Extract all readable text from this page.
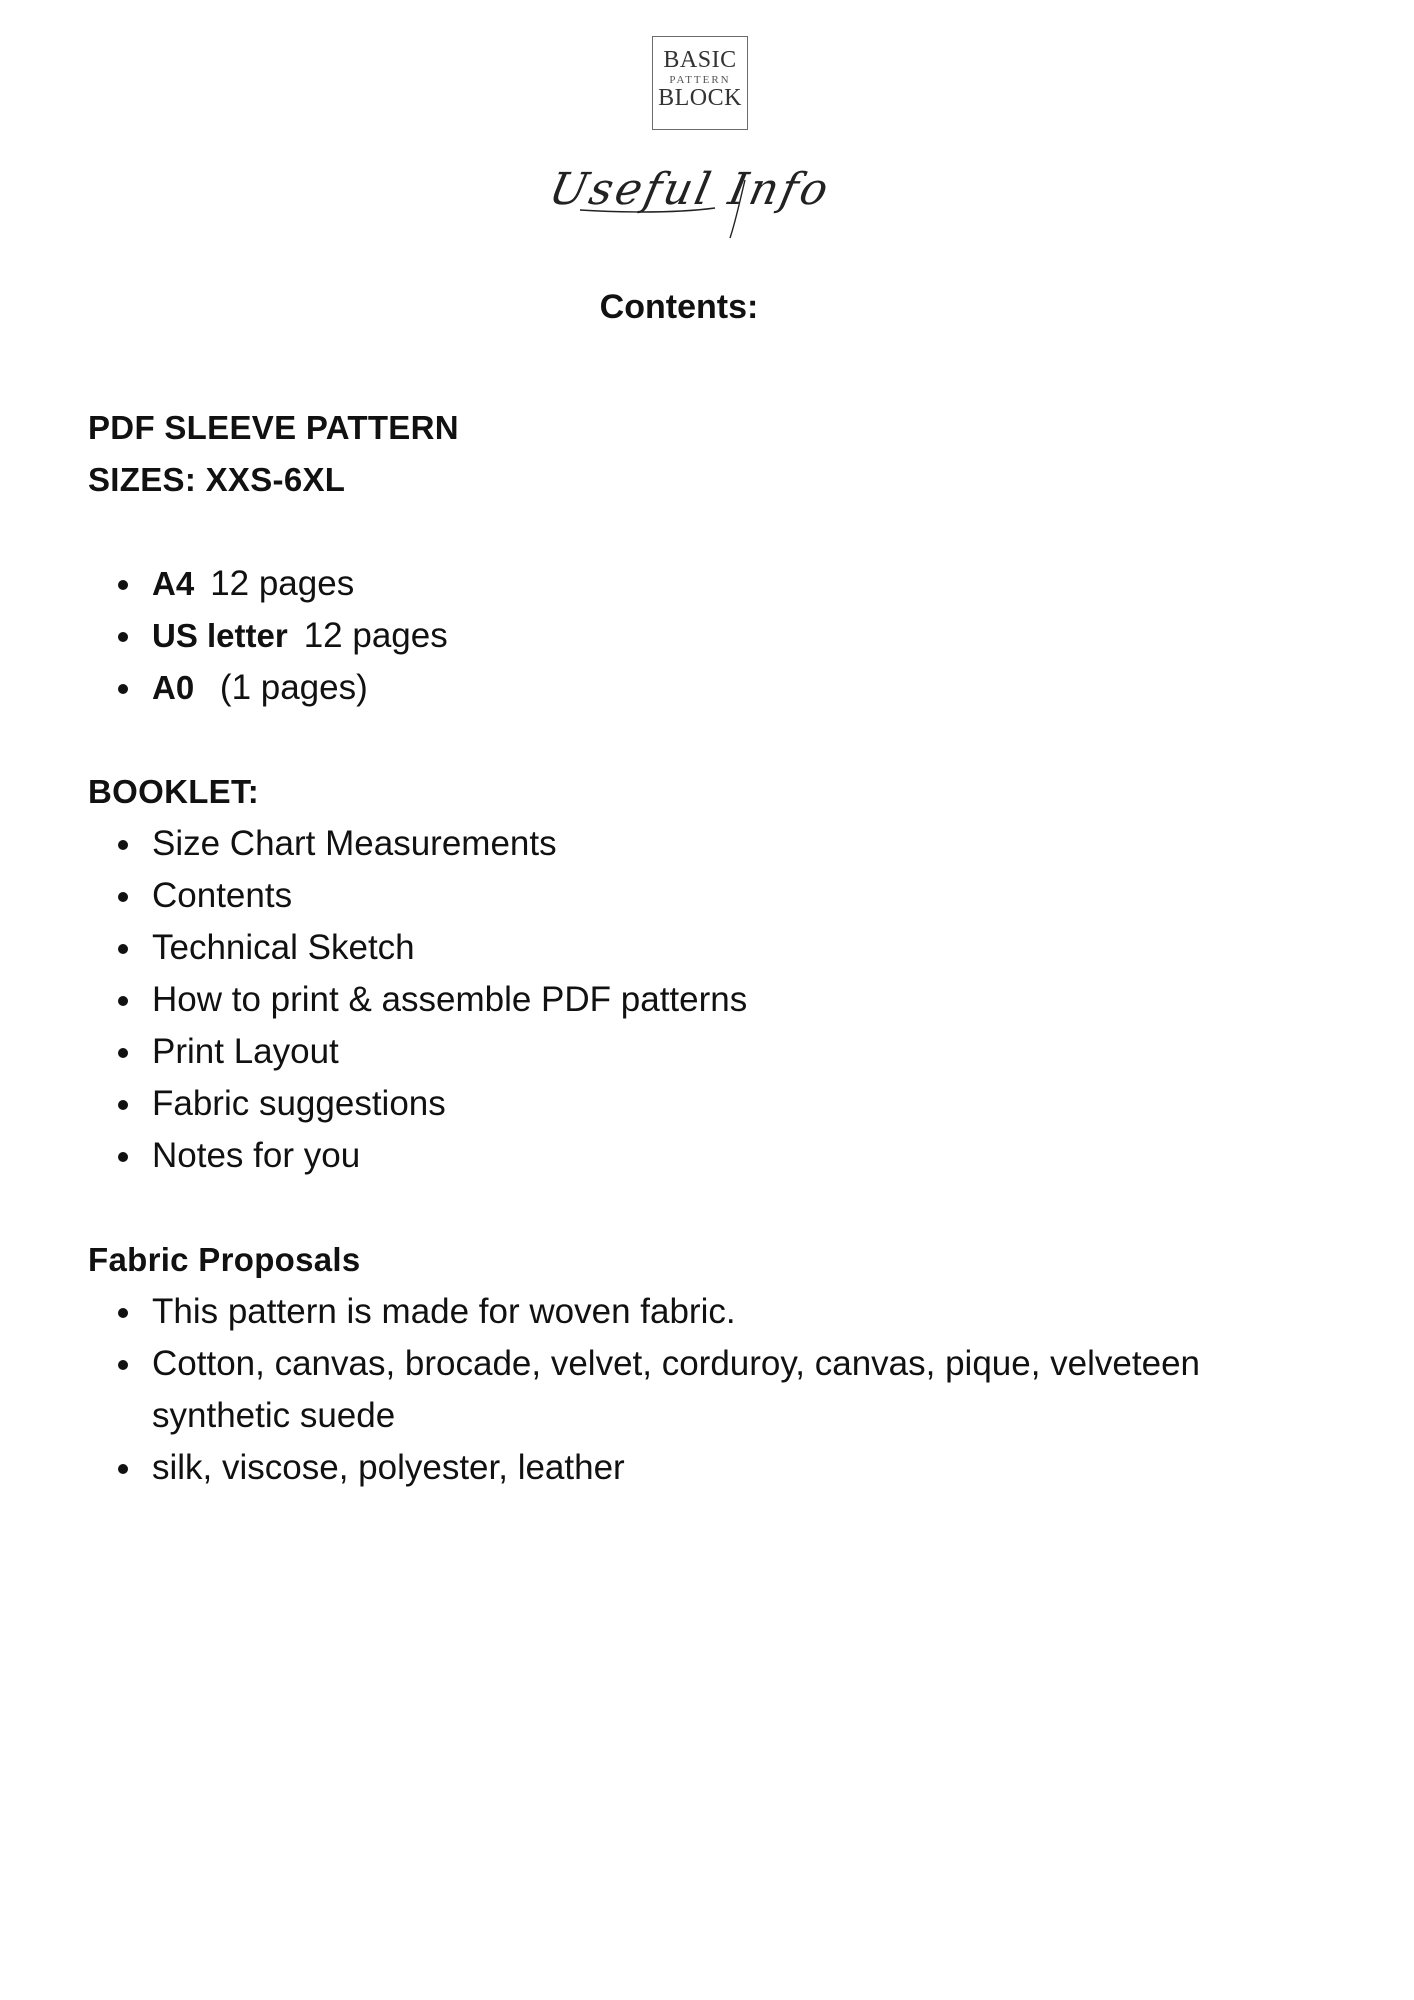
BASIC
PATTERN
BLOCK
Useful Info
Contents:

PDF SLEEVE PATTERN

SIZES: XXS-6XL

A4 12 pages
US letter 12 pages
A0 (1 pages)

BOOKLET:

Size Chart Measurements
Contents
Technical Sketch
How to print & assemble PDF patterns
Print Layout
Fabric suggestions
Notes for you

Fabric Proposals

This pattern is made for woven fabric.
Cotton, canvas, brocade, velvet, corduroy, canvas, pique, velveteen synthetic suede
silk, viscose, polyester, leather
